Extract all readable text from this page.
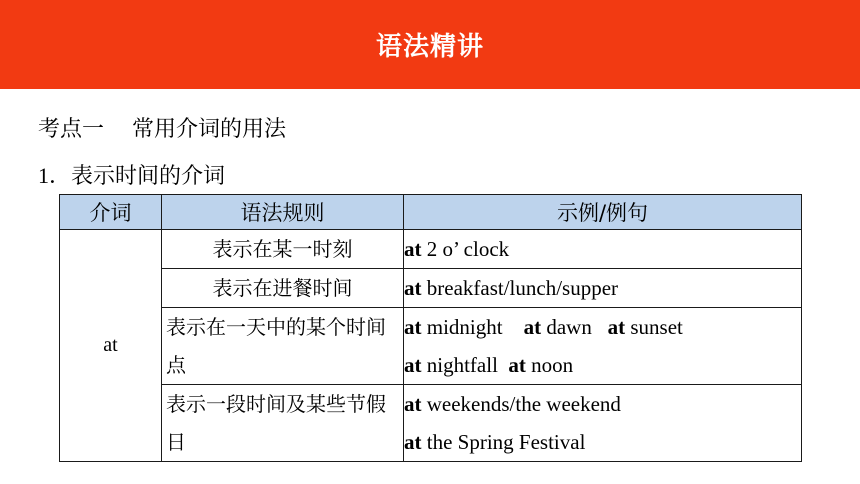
语法精讲
考点一 常用介词的用法
1．表示时间的介词
介词	语法规则	示例/例句
at	表示在某一时刻	at 2 o’ clock

	表示在进餐时间	at breakfast/lunch/supper

	表示在一天中的某个时间点	at midnight    at dawn   at sunset
at nightfall  at noon

	表示一段时间及某些节假日	at weekends/the weekend
at the Spring Festival
